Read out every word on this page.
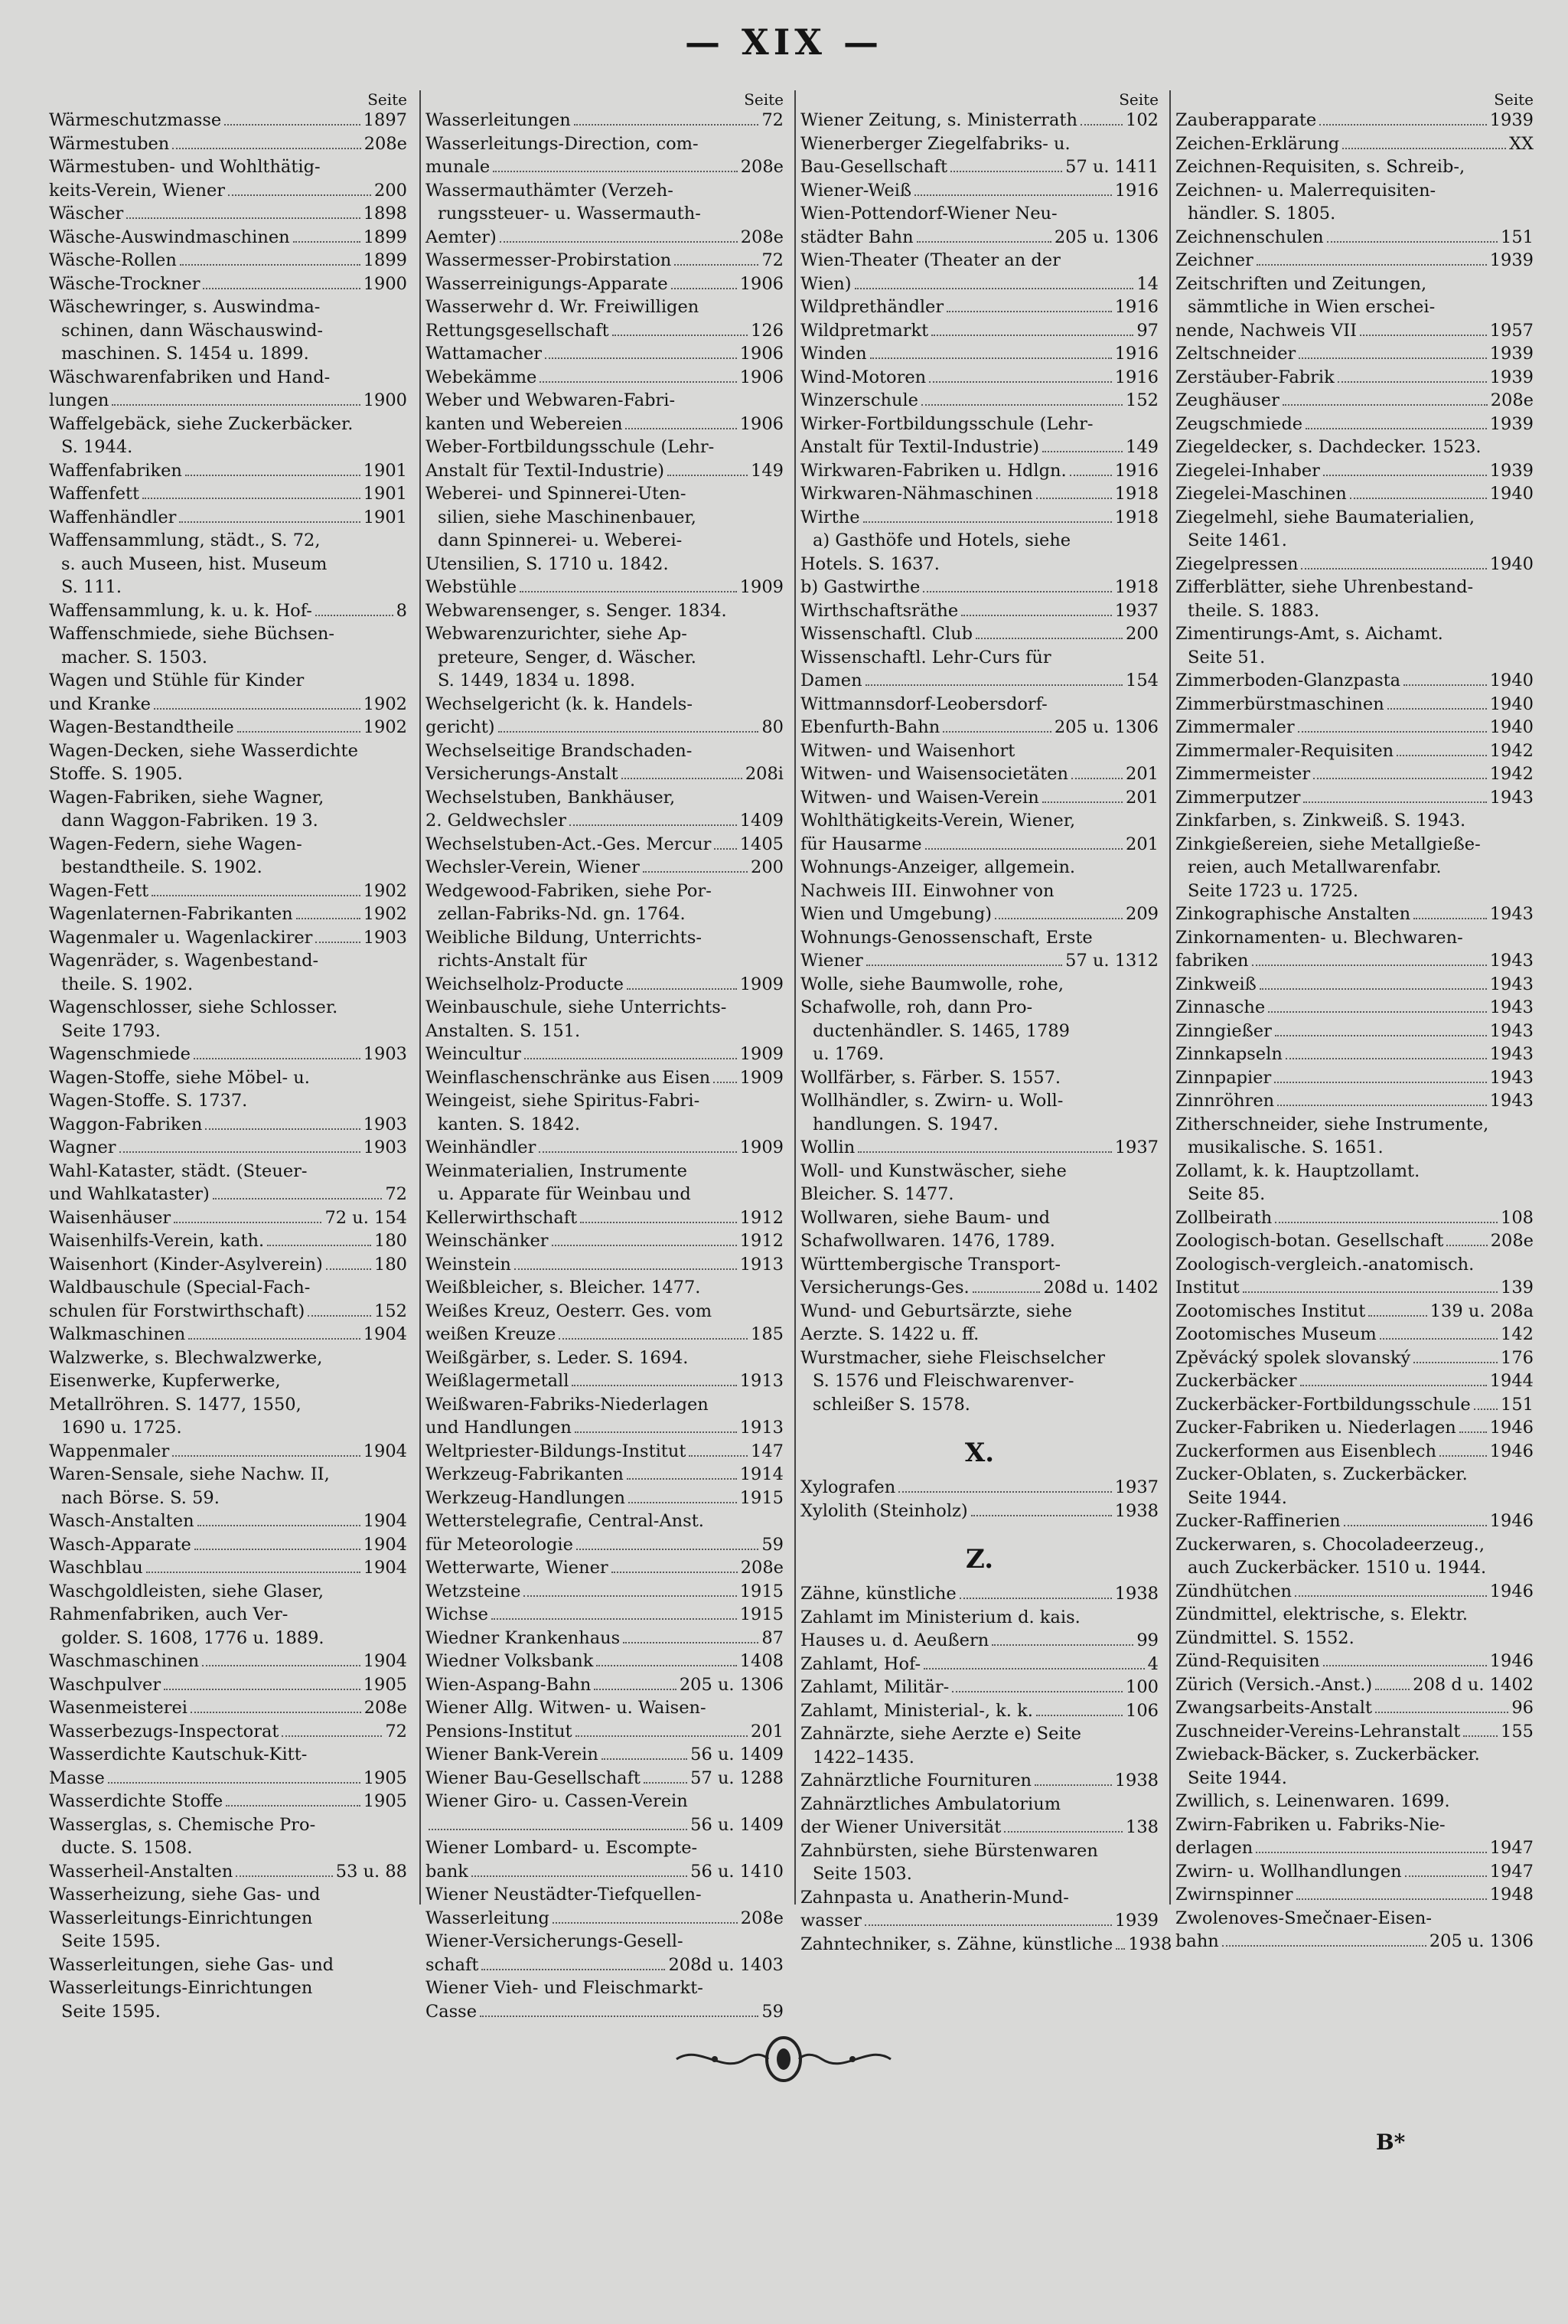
— XIX —
Seite
Wärmeschutzmasse	1897
Wärmestuben	208e
Wärmestuben- und Wohlthätig-
keits-Verein, Wiener	200
Wäscher	1898
Wäsche-Auswindmaschinen	1899
Wäsche-Rollen	1899
Wäsche-Trockner	1900
Wäschewringer, s. Auswindma-
schinen, dann Wäschauswind-
maschinen. S. 1454 u. 1899.
Wäschwarenfabriken und Hand-
lungen	1900
Waffelgebäck, siehe Zuckerbäcker.
S. 1944.
Waffenfabriken	1901
Waffenfett	1901
Waffenhändler	1901
Waffensammlung, städt., S. 72,
s. auch Museen, hist. Museum
S. 111.
Waffensammlung, k. u. k. Hof-	8
Waffenschmiede, siehe Büchsen-
macher. S. 1503.
Wagen und Stühle für Kinder
und Kranke	1902
Wagen-Bestandtheile	1902
Wagen-Decken, siehe Wasserdichte
Stoffe. S. 1905.
Wagen-Fabriken, siehe Wagner,
dann Waggon-Fabriken. 19 3.
Wagen-Federn, siehe Wagen-
bestandtheile. S. 1902.
Wagen-Fett	1902
Wagenlaternen-Fabrikanten	1902
Wagenmaler u. Wagenlackirer	1903
Wagenräder, s. Wagenbestand-
theile. S. 1902.
Wagenschlosser, siehe Schlosser.
Seite 1793.
Wagenschmiede	1903
Wagen-Stoffe, siehe Möbel- u.
Wagen-Stoffe. S. 1737.
Waggon-Fabriken	1903
Wagner	1903
Wahl-Kataster, städt. (Steuer-
und Wahlkataster)	72
Waisenhäuser	72 u. 154
Waisenhilfs-Verein, kath.	180
Waisenhort (Kinder-Asylverein)	180
Waldbauschule (Special-Fach-
schulen für Forstwirthschaft)	152
Walkmaschinen	1904
Walzwerke, s. Blechwalzwerke,
Eisenwerke, Kupferwerke,
Metallröhren. S. 1477, 1550,
1690 u. 1725.
Wappenmaler	1904
Waren-Sensale, siehe Nachw. II,
nach Börse. S. 59.
Wasch-Anstalten	1904
Wasch-Apparate	1904
Waschblau	1904
Waschgoldleisten, siehe Glaser,
Rahmenfabriken, auch Ver-
golder. S. 1608, 1776 u. 1889.
Waschmaschinen	1904
Waschpulver	1905
Wasenmeisterei	208e
Wasserbezugs-Inspectorat	72
Wasserdichte Kautschuk-Kitt-
Masse	1905
Wasserdichte Stoffe	1905
Wasserglas, s. Chemische Pro-
ducte. S. 1508.
Wasserheil-Anstalten	53 u. 88
Wasserheizung, siehe Gas- und
Wasserleitungs-Einrichtungen
Seite 1595.
Wasserleitungen, siehe Gas- und
Wasserleitungs-Einrichtungen
Seite 1595.
Seite
Wasserleitungen	72
Wasserleitungs-Direction, com-
munale	208e
Wassermauthämter (Verzeh-
rungssteuer- u. Wassermauth-
Aemter)	208e
Wassermesser-Probirstation	72
Wasserreinigungs-Apparate	1906
Wasserwehr d. Wr. Freiwilligen
Rettungsgesellschaft	126
Wattamacher	1906
Webekämme	1906
Weber und Webwaren-Fabri-
kanten und Webereien	1906
Weber-Fortbildungsschule (Lehr-
Anstalt für Textil-Industrie)	149
Weberei- und Spinnerei-Uten-
silien, siehe Maschinenbauer,
dann Spinnerei- u. Weberei-
Utensilien, S. 1710 u. 1842.
Webstühle	1909
Webwarensenger, s. Senger. 1834.
Webwarenzurichter, siehe Ap-
preteure, Senger, d. Wäscher.
S. 1449, 1834 u. 1898.
Wechselgericht (k. k. Handels-
gericht)	80
Wechselseitige Brandschaden-
Versicherungs-Anstalt	208i
Wechselstuben, Bankhäuser,
2. Geldwechsler	1409
Wechselstuben-Act.-Ges. Mercur 1405
Wechsler-Verein, Wiener	200
Wedgewood-Fabriken, siehe Por-
zellan-Fabriks-Nd. gn. 1764.
Weibliche Bildung, Unterrichts-
richts-Anstalt für
Weichselholz-Producte	1909
Weinbauschule, siehe Unterrichts-
Anstalten. S. 151.
Weincultur	1909
Weinflaschenschränke aus Eisen 1909
Weingeist, siehe Spiritus-Fabri-
kanten. S. 1842.
Weinhändler	1909
Weinmaterialien, Instrumente
u. Apparate für Weinbau und
Kellerwirthschaft	1912
Weinschänker	1912
Weinstein	1913
Weißbleicher, s. Bleicher. 1477.
Weißes Kreuz, Oesterr. Ges. vom
weißen Kreuze	185
Weißgärber, s. Leder. S. 1694.
Weißlagermetall	1913
Weißwaren-Fabriks-Niederlagen
und Handlungen	1913
Weltpriester-Bildungs-Institut	147
Werkzeug-Fabrikanten	1914
Werkzeug-Handlungen	1915
Wetterstelegrafie, Central-Anst.
für Meteorologie	59
Wetterwarte, Wiener	208e
Wetzsteine	1915
Wichse	1915
Wiedner Krankenhaus	87
Wiedner Volksbank	1408
Wien-Aspang-Bahn	205 u. 1306
Wiener Allg. Witwen- u. Waisen-
Pensions-Institut	201
Wiener Bank-Verein	56 u. 1409
Wiener Bau-Gesellschaft	57 u. 1288
Wiener Giro- u. Cassen-Verein
56 u. 1409
Wiener Lombard- u. Escompte-
bank	56 u. 1410
Wiener Neustädter-Tiefquellen-
Wasserleitung	208e
Wiener-Versicherungs-Gesell-
schaft	208d u. 1403
Wiener Vieh- und Fleischmarkt-
Casse	59
Seite
Wiener Zeitung, s. Ministerrath	102
Wienerberger Ziegelfabriks- u.
Bau-Gesellschaft	57 u. 1411
Wiener-Weiß	1916
Wien-Pottendorf-Wiener Neu-
städter Bahn	205 u. 1306
Wien-Theater (Theater an der
Wien)	14
Wildprethändler	1916
Wildpretmarkt	97
Winden	1916
Wind-Motoren	1916
Winzerschule	152
Wirker-Fortbildungsschule (Lehr-
Anstalt für Textil-Industrie)	149
Wirkwaren-Fabriken u. Hdlgn.	1916
Wirkwaren-Nähmaschinen	1918
Wirthe	1918
a) Gasthöfe und Hotels, siehe
Hotels. S. 1637.
b) Gastwirthe	1918
Wirthschaftsräthe	1937
Wissenschaftl. Club	200
Wissenschaftl. Lehr-Curs für
Damen	154
Wittmannsdorf-Leobersdorf-
Ebenfurth-Bahn	205 u. 1306
Witwen- und Waisenhort
Witwen- und Waisensocietäten	201
Witwen- und Waisen-Verein	201
Wohlthätigkeits-Verein, Wiener,
für Hausarme	201
Wohnungs-Anzeiger, allgemein.
Nachweis III. Einwohner von
Wien und Umgebung)	209
Wohnungs-Genossenschaft, Erste
Wiener	57 u. 1312
Wolle, siehe Baumwolle, rohe,
Schafwolle, roh, dann Pro-
ductenhändler. S. 1465, 1789
u. 1769.
Wollfärber, s. Färber. S. 1557.
Wollhändler, s. Zwirn- u. Woll-
handlungen. S. 1947.
Wollin	1937
Woll- und Kunstwäscher, siehe
Bleicher. S. 1477.
Wollwaren, siehe Baum- und
Schafwollwaren. 1476, 1789.
Württembergische Transport-
Versicherungs-Ges.	208d u. 1402
Wund- und Geburtsärzte, siehe
Aerzte. S. 1422 u. ff.
Wurstmacher, siehe Fleischselcher
S. 1576 und Fleischwarenver-
schleißer S. 1578.
X.
Xylografen	1937
Xylolith (Steinholz)	1938
Z.
Zähne, künstliche	1938
Zahlamt im Ministerium d. kais.
Hauses u. d. Aeußern	99
Zahlamt, Hof-	4
Zahlamt, Militär-	100
Zahlamt, Ministerial-, k. k.	106
Zahnärzte, siehe Aerzte e) Seite
1422–1435.
Zahnärztliche Fournituren	1938
Zahnärztliches Ambulatorium
der Wiener Universität	138
Zahnbürsten, siehe Bürstenwaren
Seite 1503.
Zahnpasta u. Anatherin-Mund-
wasser	1939
Zahntechniker, s. Zähne, künstliche 1938
Seite
Zauberapparate	1939
Zeichen-Erklärung	XX
Zeichnen-Requisiten, s. Schreib-,
Zeichnen- u. Malerrequisiten-
händler. S. 1805.
Zeichnenschulen	151
Zeichner	1939
Zeitschriften und Zeitungen,
sämmtliche in Wien erschei-
nende, Nachweis VII	1957
Zeltschneider	1939
Zerstäuber-Fabrik	1939
Zeughäuser	208e
Zeugschmiede	1939
Ziegeldecker, s. Dachdecker. 1523.
Ziegelei-Inhaber	1939
Ziegelei-Maschinen	1940
Ziegelmehl, siehe Baumaterialien,
Seite 1461.
Ziegelpressen	1940
Zifferblätter, siehe Uhrenbestand-
theile. S. 1883.
Zimentirungs-Amt, s. Aichamt.
Seite 51.
Zimmerboden-Glanzpasta	1940
Zimmerbürstmaschinen	1940
Zimmermaler	1940
Zimmermaler-Requisiten	1942
Zimmermeister	1942
Zimmerputzer	1943
Zinkfarben, s. Zinkweiß. S. 1943.
Zinkgießereien, siehe Metallgieße-
reien, auch Metallwarenfabr.
Seite 1723 u. 1725.
Zinkographische Anstalten	1943
Zinkornamenten- u. Blechwaren-
fabriken	1943
Zinkweiß	1943
Zinnasche	1943
Zinngießer	1943
Zinnkapseln	1943
Zinnpapier	1943
Zinnröhren	1943
Zitherschneider, siehe Instrumente,
musikalische. S. 1651.
Zollamt, k. k. Hauptzollamt.
Seite 85.
Zollbeirath	108
Zoologisch-botan. Gesellschaft	208e
Zoologisch-vergleich.-anatomisch.
Institut	139
Zootomisches Institut	139 u. 208a
Zootomisches Museum	142
Zpěvácký spolek slovanský	176
Zuckerbäcker	1944
Zuckerbäcker-Fortbildungsschule 151
Zucker-Fabriken u. Niederlagen 1946
Zuckerformen aus Eisenblech	1946
Zucker-Oblaten, s. Zuckerbäcker.
Seite 1944.
Zucker-Raffinerien	1946
Zuckerwaren, s. Chocoladeerzeug.,
auch Zuckerbäcker. 1510 u. 1944.
Zündhütchen	1946
Zündmittel, elektrische, s. Elektr.
Zündmittel. S. 1552.
Zünd-Requisiten	1946
Zürich (Versich.-Anst.) 208 d u. 1402
Zwangsarbeits-Anstalt	96
Zuschneider-Vereins-Lehranstalt 155
Zwieback-Bäcker, s. Zuckerbäcker.
Seite 1944.
Zwillich, s. Leinenwaren. 1699.
Zwirn-Fabriken u. Fabriks-Nie-
derlagen	1947
Zwirn- u. Wollhandlungen	1947
Zwirnspinner	1948
Zwolenoves-Smečnaer-Eisen-
bahn	205 u. 1306
B*
